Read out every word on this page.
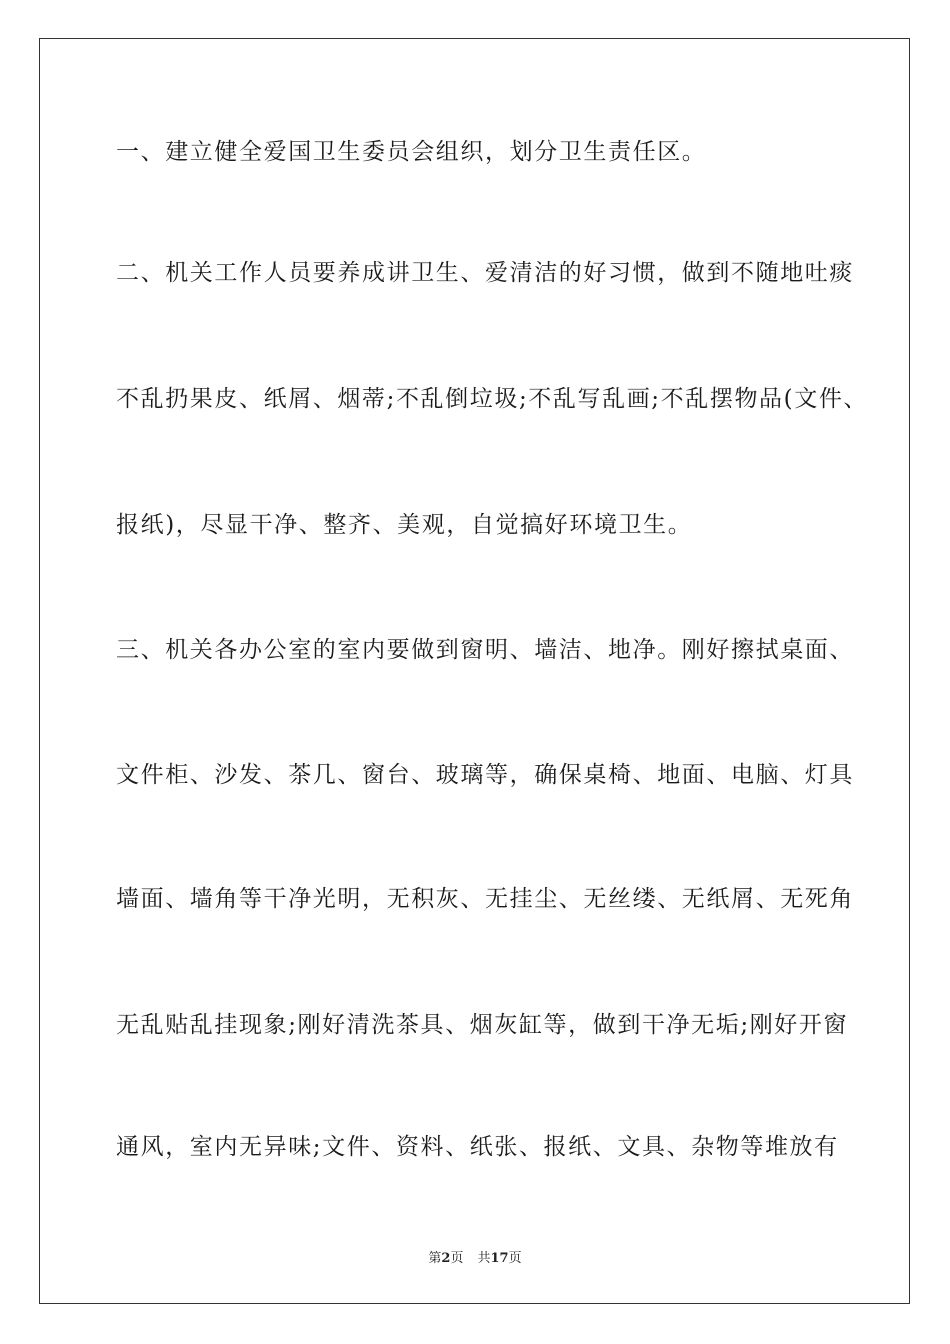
一、建立健全爱国卫生委员会组织，划分卫生责任区。
二、机关工作人员要养成讲卫生、爱清洁的好习惯，做到不随地吐痰
不乱扔果皮、纸屑、烟蒂;不乱倒垃圾;不乱写乱画;不乱摆物品(文件、
报纸)，尽显干净、整齐、美观，自觉搞好环境卫生。
三、机关各办公室的室内要做到窗明、墙洁、地净。刚好擦拭桌面、
文件柜、沙发、茶几、窗台、玻璃等，确保桌椅、地面、电脑、灯具
墙面、墙角等干净光明，无积灰、无挂尘、无丝缕、无纸屑、无死角
无乱贴乱挂现象;刚好清洗茶具、烟灰缸等，做到干净无垢;刚好开窗
通风，室内无异味;文件、资料、纸张、报纸、文具、杂物等堆放有
第2页 共17页
